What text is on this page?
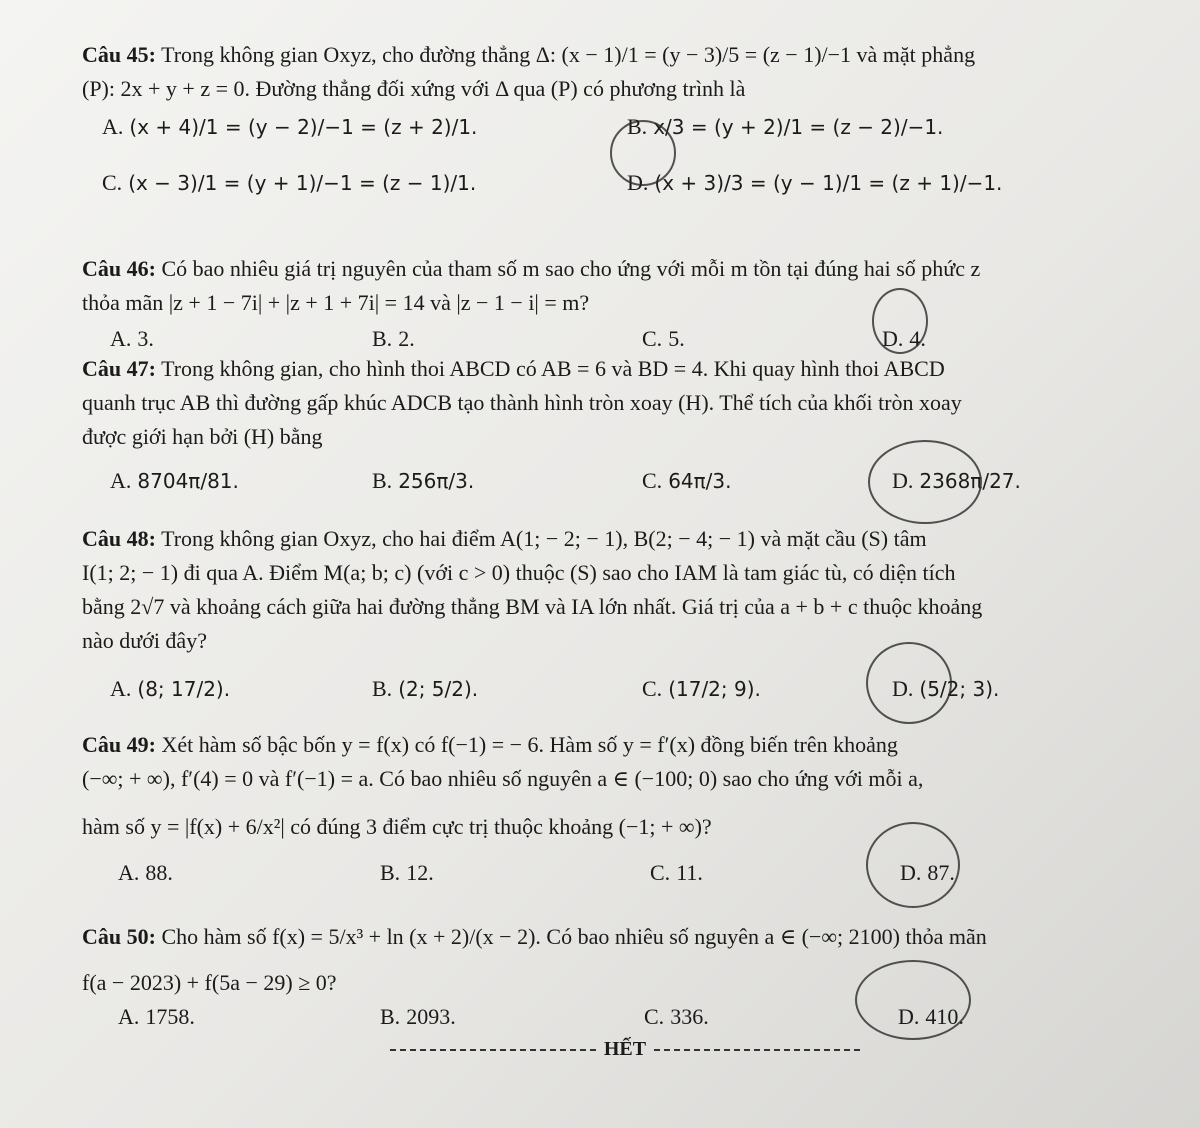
Câu 45: Trong không gian Oxyz, cho đường thẳng Δ: (x − 1)/1 = (y − 3)/5 = (z − 1)/−1 và mặt phẳng
(P): 2x + y + z = 0. Đường thẳng đối xứng với Δ qua (P) có phương trình là
A. (x + 4)/1 = (y − 2)/−1 = (z + 2)/1.	B. x/3 = (y + 2)/1 = (z − 2)/−1.
C. (x − 3)/1 = (y + 1)/−1 = (z − 1)/1.	D. (x + 3)/3 = (y − 1)/1 = (z + 1)/−1.
Câu 46: Có bao nhiêu giá trị nguyên của tham số m sao cho ứng với mỗi m tồn tại đúng hai số phức z
thỏa mãn |z + 1 − 7i| + |z + 1 + 7i| = 14 và |z − 1 − i| = m?
A. 3.	B. 2.	C. 5.	D. 4.
Câu 47: Trong không gian, cho hình thoi ABCD có AB = 6 và BD = 4. Khi quay hình thoi ABCD
quanh trục AB thì đường gấp khúc ADCB tạo thành hình tròn xoay (H). Thể tích của khối tròn xoay
được giới hạn bởi (H) bằng
A. 8704π/81.	B. 256π/3.	C. 64π/3.	D. 2368π/27.
Câu 48: Trong không gian Oxyz, cho hai điểm A(1; − 2; − 1), B(2; − 4; − 1) và mặt cầu (S) tâm
I(1; 2; − 1) đi qua A. Điểm M(a; b; c) (với c > 0) thuộc (S) sao cho IAM là tam giác tù, có diện tích
bằng 2√7 và khoảng cách giữa hai đường thẳng BM và IA lớn nhất. Giá trị của a + b + c thuộc khoảng
nào dưới đây?
A. (8; 17/2).	B. (2; 5/2).	C. (17/2; 9).	D. (5/2; 3).
Câu 49: Xét hàm số bậc bốn y = f(x) có f(−1) = − 6. Hàm số y = f′(x) đồng biến trên khoảng
(−∞; + ∞), f′(4) = 0 và f′(−1) = a. Có bao nhiêu số nguyên a ∈ (−100; 0) sao cho ứng với mỗi a,
hàm số y = |f(x) + 6/x²| có đúng 3 điểm cực trị thuộc khoảng (−1; + ∞)?
A. 88.	B. 12.	C. 11.	D. 87.
Câu 50: Cho hàm số f(x) = 5/x³ + ln (x + 2)/(x − 2). Có bao nhiêu số nguyên a ∈ (−∞; 2100) thỏa mãn
f(a − 2023) + f(5a − 29) ≥ 0?
A. 1758.	B. 2093.	C. 336.	D. 410.
HẾT
